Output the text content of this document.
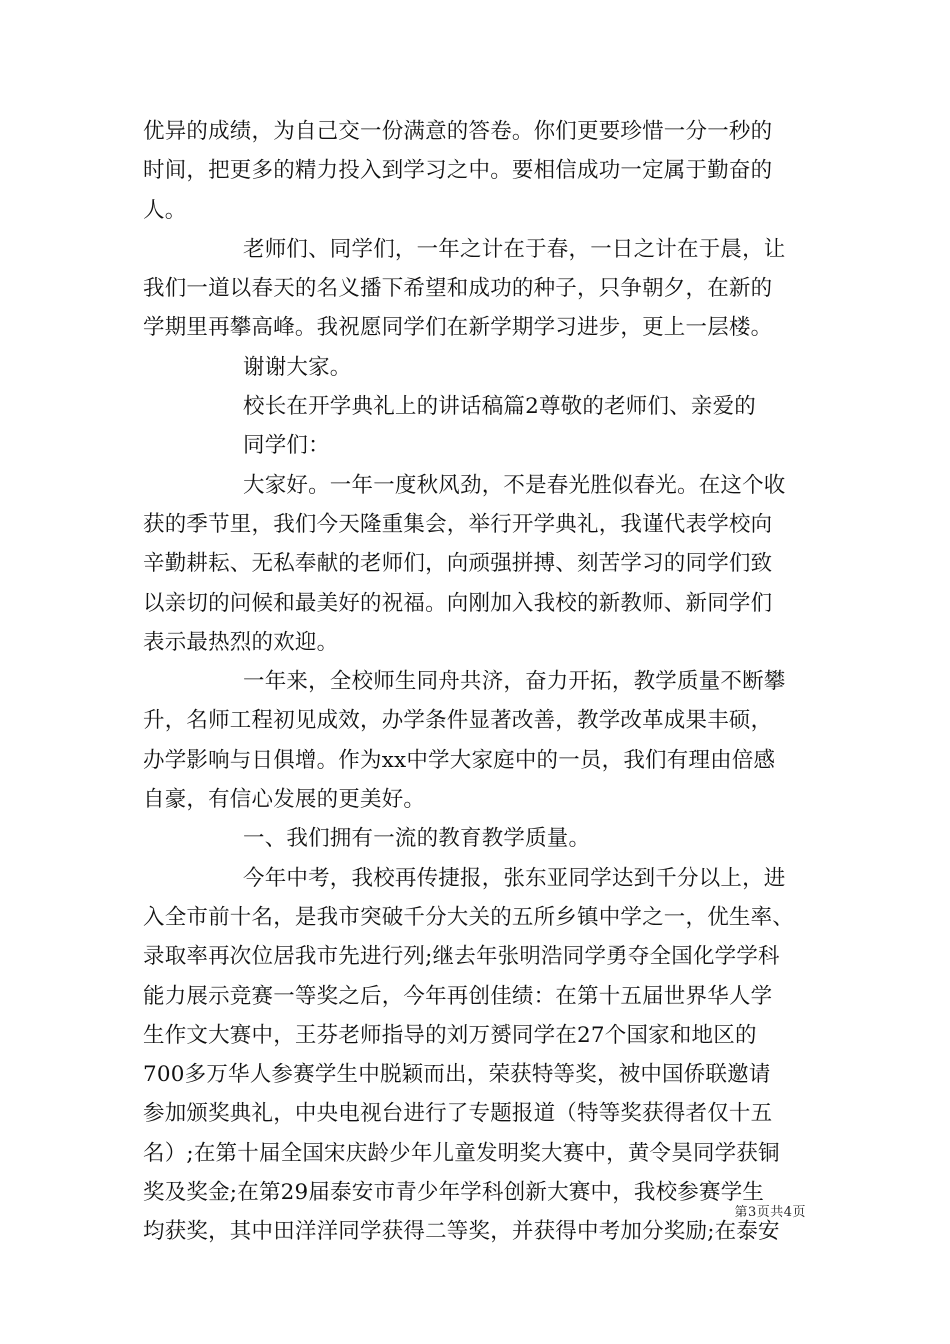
优异的成绩，为自己交一份满意的答卷。你们更要珍惜一分一秒的
时间，把更多的精力投入到学习之中。要相信成功一定属于勤奋的
人。
老师们、同学们，一年之计在于春，一日之计在于晨，让
我们一道以春天的名义播下希望和成功的种子，只争朝夕，在新的
学期里再攀高峰。我祝愿同学们在新学期学习进步，更上一层楼。
谢谢大家。
校长在开学典礼上的讲话稿篇2尊敬的老师们、亲爱的
同学们：
大家好。一年一度秋风劲，不是春光胜似春光。在这个收
获的季节里，我们今天隆重集会，举行开学典礼，我谨代表学校向
辛勤耕耘、无私奉献的老师们，向顽强拼搏、刻苦学习的同学们致
以亲切的问候和最美好的祝福。向刚加入我校的新教师、新同学们
表示最热烈的欢迎。
一年来，全校师生同舟共济，奋力开拓，教学质量不断攀
升，名师工程初见成效，办学条件显著改善，教学改革成果丰硕，
办学影响与日俱增。作为xx中学大家庭中的一员，我们有理由倍感
自豪，有信心发展的更美好。
一、我们拥有一流的教育教学质量。
今年中考，我校再传捷报，张东亚同学达到千分以上，进
入全市前十名，是我市突破千分大关的五所乡镇中学之一，优生率、
录取率再次位居我市先进行列;继去年张明浩同学勇夺全国化学学科
能力展示竞赛一等奖之后，今年再创佳绩：在第十五届世界华人学
生作文大赛中，王芬老师指导的刘万赟同学在27个国家和地区的
700多万华人参赛学生中脱颖而出，荣获特等奖，被中国侨联邀请
参加颁奖典礼，中央电视台进行了专题报道（特等奖获得者仅十五
名）;在第十届全国宋庆龄少年儿童发明奖大赛中，黄令昊同学获铜
奖及奖金;在第29届泰安市青少年学科创新大赛中，我校参赛学生
均获奖，其中田洋洋同学获得二等奖，并获得中考加分奖励;在泰安
第3页共4页
